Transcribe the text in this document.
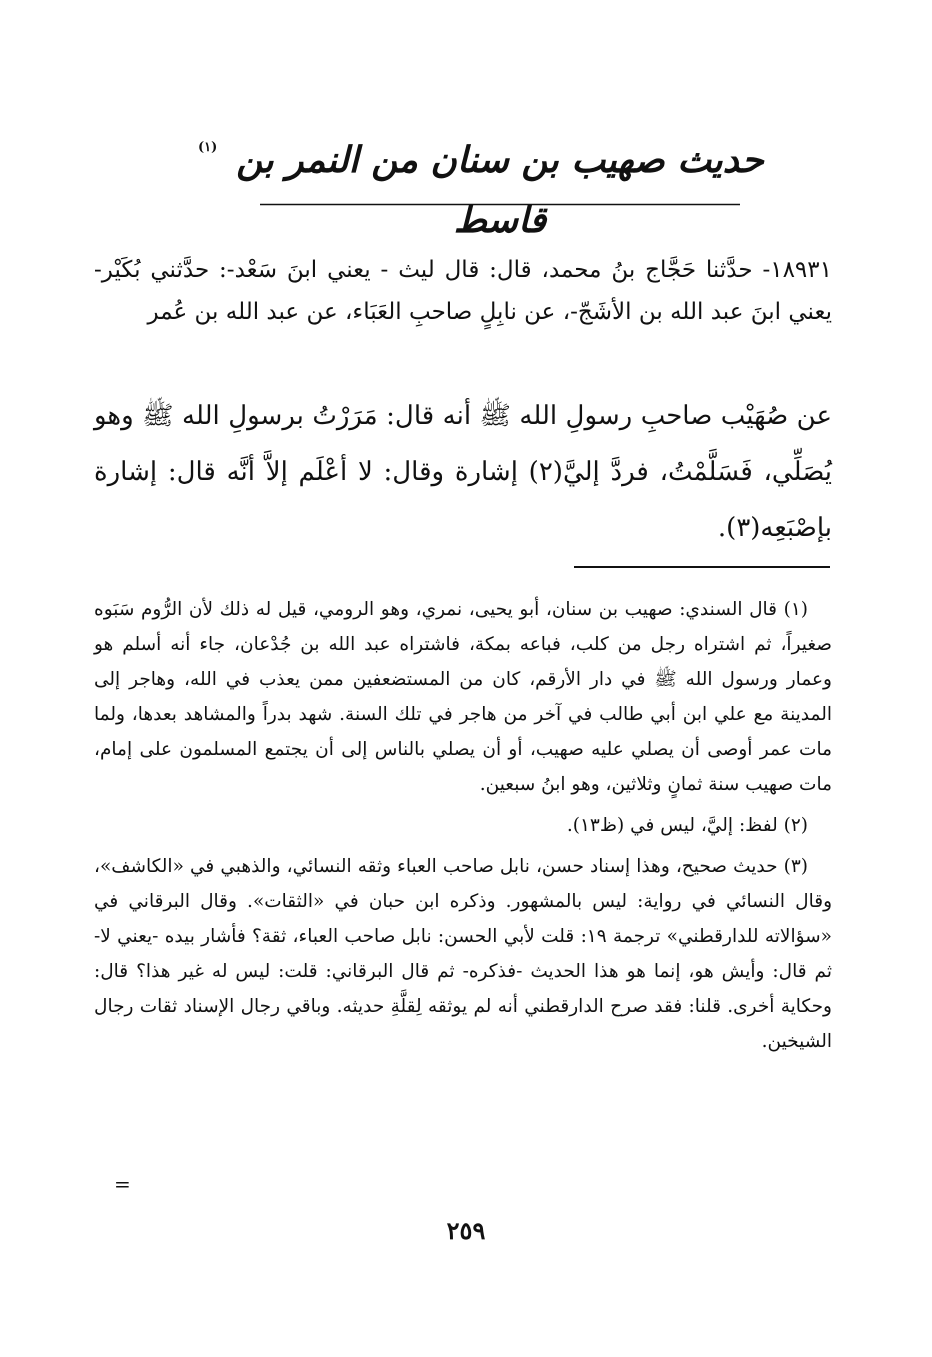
حديث صهيب بن سنان من النمر بن قاسط
(١)

١٨٩٣١- حدَّثنا حَجَّاج بنُ محمد، قال: قال ليث - يعني ابنَ سَعْد-: حدَّثني بُكَيْر- يعني ابنَ عبد الله بن الأشَجّ-، عن نابِلٍ صاحبِ العَبَاء، عن عبد الله بن عُمر

عن صُهَيْب صاحبِ رسولِ الله ﷺ أنه قال: مَرَرْتُ برسولِ الله ﷺ وهو يُصَلِّي، فَسَلَّمْتُ، فردَّ إليَّ(٢) إشارة وقال: لا أعْلَم إلاَّ أنَّه قال: إشارة بإصْبَعِه(٣).

(١) قال السندي: صهيب بن سنان، أبو يحيى، نمري، وهو الرومي، قيل له ذلك لأن الرُّوم سَبَوه صغيراً، ثم اشتراه رجل من كلب، فباعه بمكة، فاشتراه عبد الله بن جُدْعان، جاء أنه أسلم هو وعمار ورسول الله ﷺ في دار الأرقم، كان من المستضعفين ممن يعذب في الله، وهاجر إلى المدينة مع علي ابن أبي طالب في آخر من هاجر في تلك السنة. شهد بدراً والمشاهد بعدها، ولما مات عمر أوصى أن يصلي عليه صهيب، أو أن يصلي بالناس إلى أن يجتمع المسلمون على إمام، مات صهيب سنة ثمانٍ وثلاثين، وهو ابنُ سبعين.

(٢) لفظ: إليَّ، ليس في (ظ١٣).

(٣) حديث صحيح، وهذا إسناد حسن، نابل صاحب العباء وثقه النسائي، والذهبي في «الكاشف»، وقال النسائي في رواية: ليس بالمشهور. وذكره ابن حبان في «الثقات». وقال البرقاني في «سؤالاته للدارقطني» ترجمة ١٩: قلت لأبي الحسن: نابل صاحب العباء، ثقة؟ فأشار بيده -يعني لا- ثم قال: وأيش هو، إنما هو هذا الحديث -فذكره- ثم قال البرقاني: قلت: ليس له غير هذا؟ قال: وحكاية أخرى. قلنا: فقد صرح الدارقطني أنه لم يوثقه لِقلَّةِ حديثه. وباقي رجال الإسناد ثقات رجال الشيخين.

=
٢٥٩
